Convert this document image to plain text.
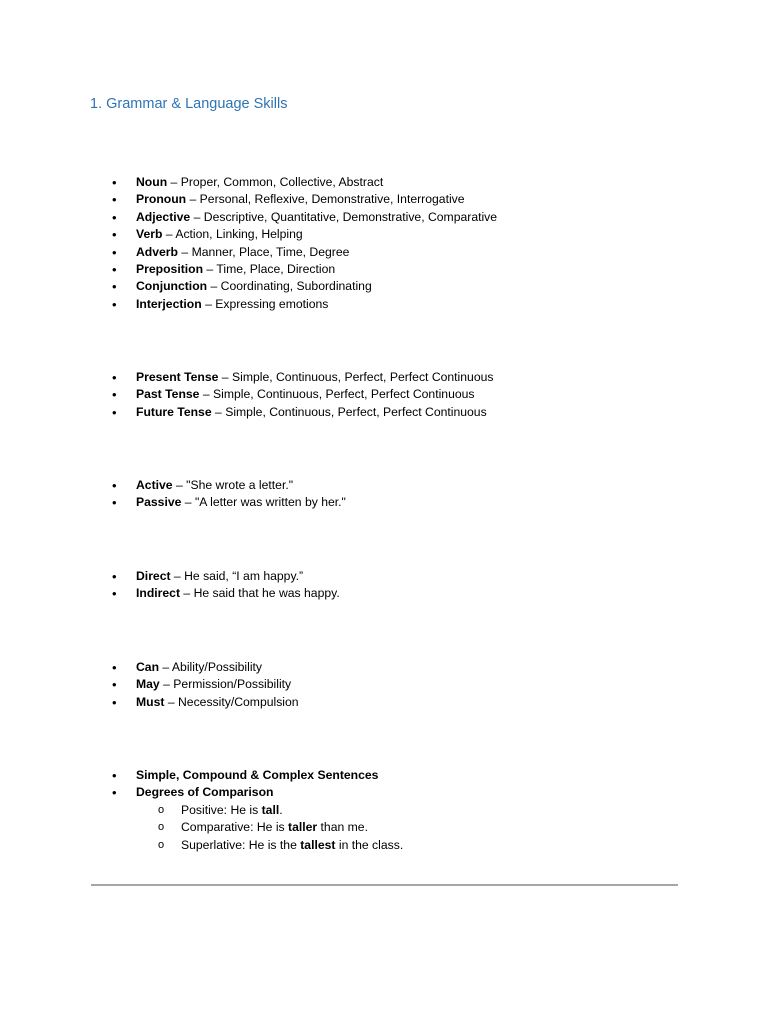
1. Grammar & Language Skills
• Noun – Proper, Common, Collective, Abstract
• Pronoun – Personal, Reflexive, Demonstrative, Interrogative
• Adjective – Descriptive, Quantitative, Demonstrative, Comparative
• Verb – Action, Linking, Helping
• Adverb – Manner, Place, Time, Degree
• Preposition – Time, Place, Direction
• Conjunction – Coordinating, Subordinating
• Interjection – Expressing emotions
• Present Tense – Simple, Continuous, Perfect, Perfect Continuous
• Past Tense – Simple, Continuous, Perfect, Perfect Continuous
• Future Tense – Simple, Continuous, Perfect, Perfect Continuous
• Active – "She wrote a letter."
• Passive – "A letter was written by her."
• Direct – He said, “I am happy.”
• Indirect – He said that he was happy.
• Can – Ability/Possibility
• May – Permission/Possibility
• Must – Necessity/Compulsion
• Simple, Compound & Complex Sentences
• Degrees of Comparison
o Positive: He is tall.
o Comparative: He is taller than me.
o Superlative: He is the tallest in the class.
